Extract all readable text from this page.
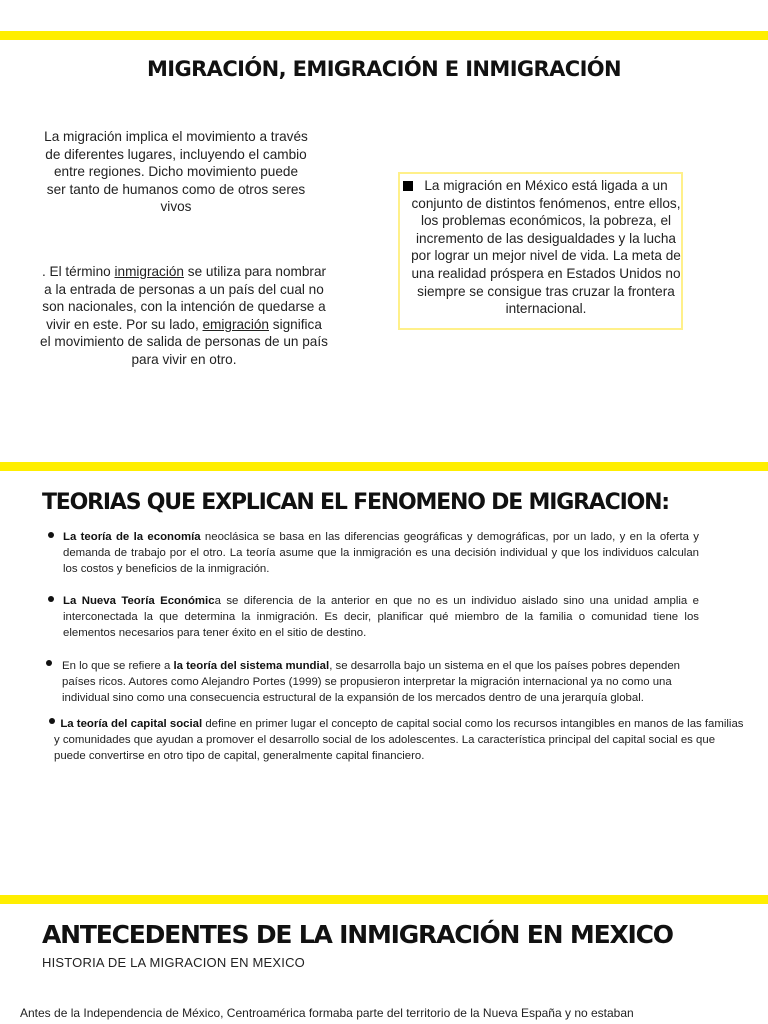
MIGRACIÓN, EMIGRACIÓN E INMIGRACIÓN

La migración implica el movimiento a través de diferentes lugares, incluyendo el cambio entre regiones. Dicho movimiento puede ser tanto de humanos como de otros seres vivos

. El término inmigración se utiliza para nombrar a la entrada de personas a un país del cual no son nacionales, con la intención de quedarse a vivir en este. Por su lado, emigración significa el movimiento de salida de personas de un país para vivir en otro.

La migración en México está ligada a un conjunto de distintos fenómenos, entre ellos, los problemas económicos, la pobreza, el incremento de las desigualdades y la lucha por lograr un mejor nivel de vida. La meta de una realidad próspera en Estados Unidos no siempre se consigue tras cruzar la frontera internacional.

TEORIAS QUE EXPLICAN EL FENOMENO DE MIGRACION:

La teoría de la economía neoclásica se basa en las diferencias geográficas y demográficas, por un lado, y en la oferta y demanda de trabajo por el otro. La teoría asume que la inmigración es una decisión individual y que los individuos calculan los costos y beneficios de la inmigración.

La Nueva Teoría Económica se diferencia de la anterior en que no es un individuo aislado sino una unidad amplia e interconectada la que determina la inmigración. Es decir, planificar qué miembro de la familia o comunidad tiene los elementos necesarios para tener éxito en el sitio de destino.

En lo que se refiere a la teoría del sistema mundial, se desarrolla bajo un sistema en el que los países pobres dependen
países ricos. Autores como Alejandro Portes (1999) se propusieron interpretar la migración internacional ya no como una
individual sino como una consecuencia estructural de la expansión de los mercados dentro de una jerarquía global.

La teoría del capital social define en primer lugar el concepto de capital social como los recursos intangibles en manos de las familias y comunidades que ayudan a promover el desarrollo social de los adolescentes. La característica principal del capital social es que puede convertirse en otro tipo de capital, generalmente capital financiero.

ANTECEDENTES DE LA INMIGRACIÓN EN MEXICO

HISTORIA DE LA MIGRACION EN MEXICO

Antes de la Independencia de México, Centroamérica formaba parte del territorio de la Nueva España y no estaban
